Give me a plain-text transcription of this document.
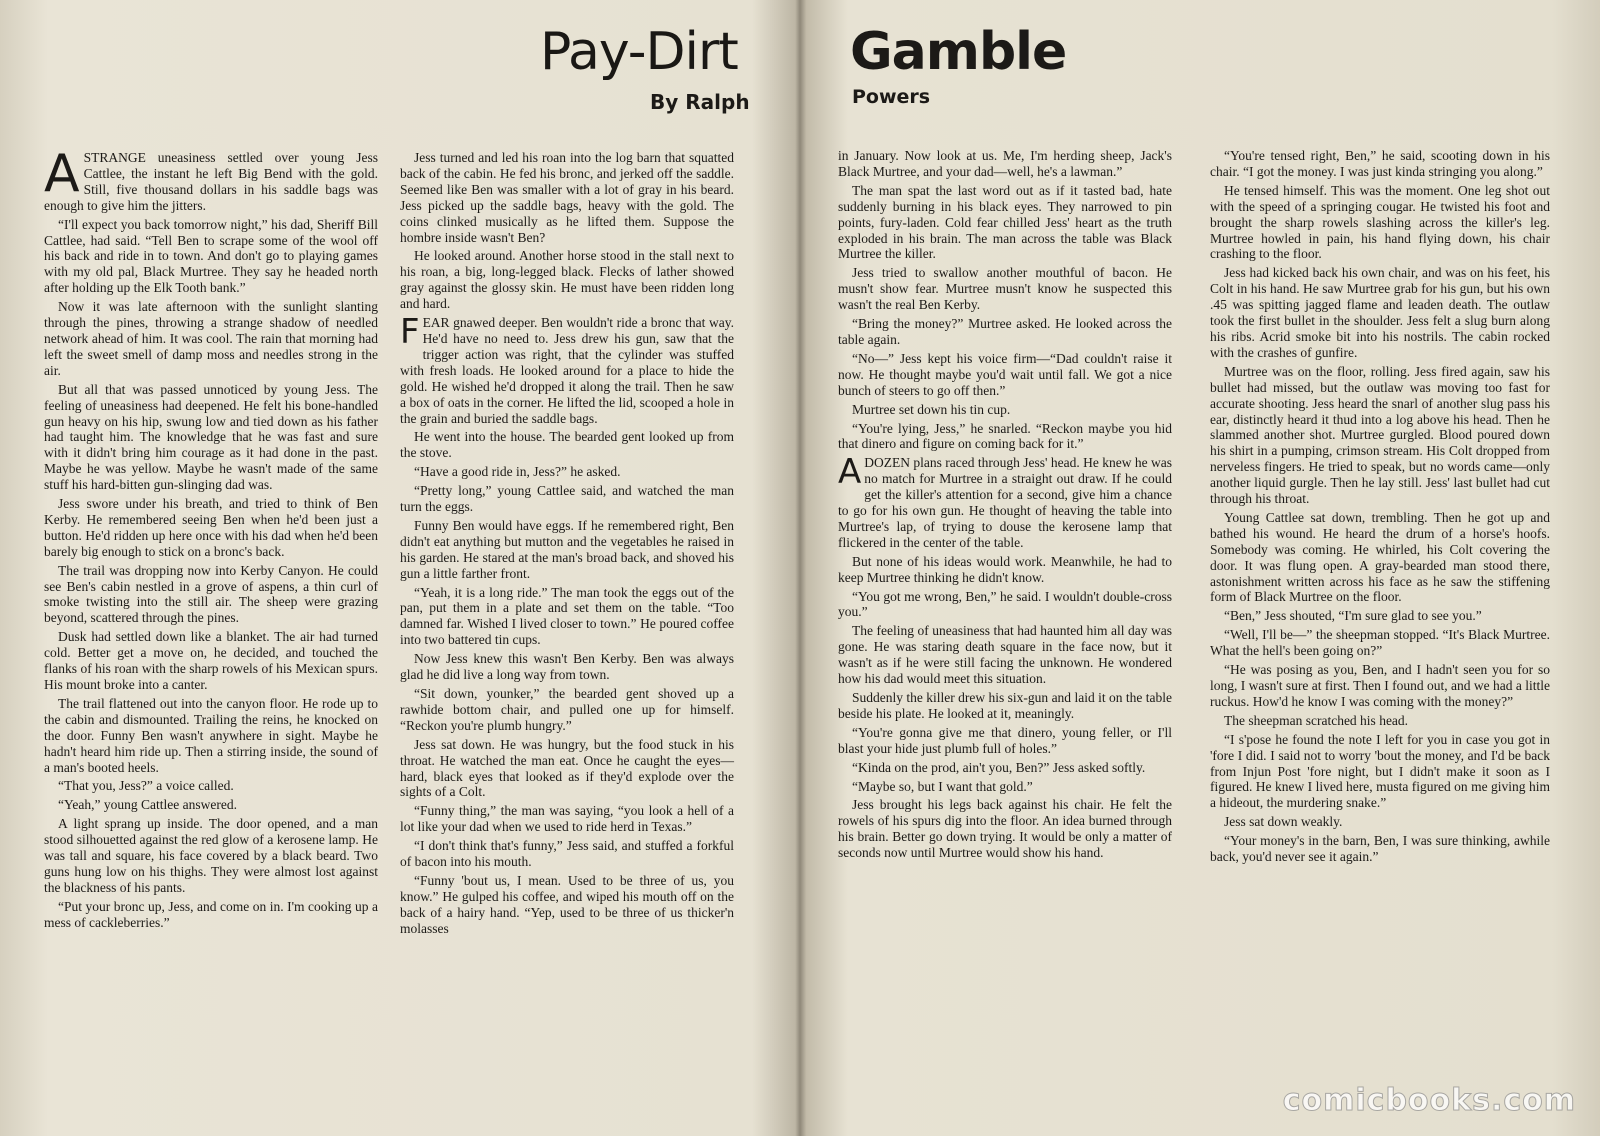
Pay-Dirt
By Ralph

ASTRANGE uneasiness settled over young Jess Cattlee, the instant he left Big Bend with the gold. Still, five thousand dollars in his saddle bags was enough to give him the jitters.

“I'll expect you back tomorrow night,” his dad, Sheriff Bill Cattlee, had said. “Tell Ben to scrape some of the wool off his back and ride in to town. And don't go to playing games with my old pal, Black Murtree. They say he headed north after holding up the Elk Tooth bank.”

Now it was late afternoon with the sunlight slanting through the pines, throwing a strange shadow of needled network ahead of him. It was cool. The rain that morning had left the sweet smell of damp moss and needles strong in the air.

But all that was passed unnoticed by young Jess. The feeling of uneasiness had deepened. He felt his bone-handled gun heavy on his hip, swung low and tied down as his father had taught him. The knowledge that he was fast and sure with it didn't bring him courage as it had done in the past. Maybe he was yellow. Maybe he wasn't made of the same stuff his hard-bitten gun-slinging dad was.

Jess swore under his breath, and tried to think of Ben Kerby. He remembered seeing Ben when he'd been just a button. He'd ridden up here once with his dad when he'd been barely big enough to stick on a bronc's back.

The trail was dropping now into Kerby Canyon. He could see Ben's cabin nestled in a grove of aspens, a thin curl of smoke twisting into the still air. The sheep were grazing beyond, scattered through the pines.

Dusk had settled down like a blanket. The air had turned cold. Better get a move on, he decided, and touched the flanks of his roan with the sharp rowels of his Mexican spurs. His mount broke into a canter.

The trail flattened out into the canyon floor. He rode up to the cabin and dismounted. Trailing the reins, he knocked on the door. Funny Ben wasn't anywhere in sight. Maybe he hadn't heard him ride up. Then a stirring inside, the sound of a man's booted heels.

“That you, Jess?” a voice called.

“Yeah,” young Cattlee answered.

A light sprang up inside. The door opened, and a man stood silhouetted against the red glow of a kerosene lamp. He was tall and square, his face covered by a black beard. Two guns hung low on his thighs. They were almost lost against the blackness of his pants.

“Put your bronc up, Jess, and come on in. I'm cooking up a mess of cackleberries.”

Jess turned and led his roan into the log barn that squatted back of the cabin. He fed his bronc, and jerked off the saddle. Seemed like Ben was smaller with a lot of gray in his beard. Jess picked up the saddle bags, heavy with the gold. The coins clinked musically as he lifted them. Suppose the hombre inside wasn't Ben?

He looked around. Another horse stood in the stall next to his roan, a big, long-legged black. Flecks of lather showed gray against the glossy skin. He must have been ridden long and hard.

FEAR gnawed deeper. Ben wouldn't ride a bronc that way. He'd have no need to. Jess drew his gun, saw that the trigger action was right, that the cylinder was stuffed with fresh loads. He looked around for a place to hide the gold. He wished he'd dropped it along the trail. Then he saw a box of oats in the corner. He lifted the lid, scooped a hole in the grain and buried the saddle bags.

He went into the house. The bearded gent looked up from the stove.

“Have a good ride in, Jess?” he asked.

“Pretty long,” young Cattlee said, and watched the man turn the eggs.

Funny Ben would have eggs. If he remembered right, Ben didn't eat anything but mutton and the vegetables he raised in his garden. He stared at the man's broad back, and shoved his gun a little farther front.

“Yeah, it is a long ride.” The man took the eggs out of the pan, put them in a plate and set them on the table. “Too damned far. Wished I lived closer to town.” He poured coffee into two battered tin cups.

Now Jess knew this wasn't Ben Kerby. Ben was always glad he did live a long way from town.

“Sit down, younker,” the bearded gent shoved up a rawhide bottom chair, and pulled one up for himself. “Reckon you're plumb hungry.”

Jess sat down. He was hungry, but the food stuck in his throat. He watched the man eat. Once he caught the eyes—hard, black eyes that looked as if they'd explode over the sights of a Colt.

“Funny thing,” the man was saying, “you look a hell of a lot like your dad when we used to ride herd in Texas.”

“I don't think that's funny,” Jess said, and stuffed a forkful of bacon into his mouth.

“Funny 'bout us, I mean. Used to be three of us, you know.” He gulped his coffee, and wiped his mouth off on the back of a hairy hand. “Yep, used to be three of us thicker'n molasses

Gamble
Powers

in January. Now look at us. Me, I'm herding sheep, Jack's Black Murtree, and your dad—well, he's a lawman.”

The man spat the last word out as if it tasted bad, hate suddenly burning in his black eyes. They narrowed to pin points, fury-laden. Cold fear chilled Jess' heart as the truth exploded in his brain. The man across the table was Black Murtree the killer.

Jess tried to swallow another mouthful of bacon. He musn't show fear. Murtree musn't know he suspected this wasn't the real Ben Kerby.

“Bring the money?” Murtree asked. He looked across the table again.

“No—” Jess kept his voice firm—“Dad couldn't raise it now. He thought maybe you'd wait until fall. We got a nice bunch of steers to go off then.”

Murtree set down his tin cup.

“You're lying, Jess,” he snarled. “Reckon maybe you hid that dinero and figure on coming back for it.”

ADOZEN plans raced through Jess' head. He knew he was no match for Murtree in a straight out draw. If he could get the killer's attention for a second, give him a chance to go for his own gun. He thought of heaving the table into Murtree's lap, of trying to douse the kerosene lamp that flickered in the center of the table.

But none of his ideas would work. Meanwhile, he had to keep Murtree thinking he didn't know.

“You got me wrong, Ben,” he said. I wouldn't double-cross you.”

The feeling of uneasiness that had haunted him all day was gone. He was staring death square in the face now, but it wasn't as if he were still facing the unknown. He wondered how his dad would meet this situation.

Suddenly the killer drew his six-gun and laid it on the table beside his plate. He looked at it, meaningly.

“You're gonna give me that dinero, young feller, or I'll blast your hide just plumb full of holes.”

“Kinda on the prod, ain't you, Ben?” Jess asked softly.

“Maybe so, but I want that gold.”

Jess brought his legs back against his chair. He felt the rowels of his spurs dig into the floor. An idea burned through his brain. Better go down trying. It would be only a matter of seconds now until Murtree would show his hand.

“You're tensed right, Ben,” he said, scooting down in his chair. “I got the money. I was just kinda stringing you along.”

He tensed himself. This was the moment. One leg shot out with the speed of a springing cougar. He twisted his foot and brought the sharp rowels slashing across the killer's leg. Murtree howled in pain, his hand flying down, his chair crashing to the floor.

Jess had kicked back his own chair, and was on his feet, his Colt in his hand. He saw Murtree grab for his gun, but his own .45 was spitting jagged flame and leaden death. The outlaw took the first bullet in the shoulder. Jess felt a slug burn along his ribs. Acrid smoke bit into his nostrils. The cabin rocked with the crashes of gunfire.

Murtree was on the floor, rolling. Jess fired again, saw his bullet had missed, but the outlaw was moving too fast for accurate shooting. Jess heard the snarl of another slug pass his ear, distinctly heard it thud into a log above his head. Then he slammed another shot. Murtree gurgled. Blood poured down his shirt in a pumping, crimson stream. His Colt dropped from nerveless fingers. He tried to speak, but no words came—only another liquid gurgle. Then he lay still. Jess' last bullet had cut through his throat.

Young Cattlee sat down, trembling. Then he got up and bathed his wound. He heard the drum of a horse's hoofs. Somebody was coming. He whirled, his Colt covering the door. It was flung open. A gray-bearded man stood there, astonishment written across his face as he saw the stiffening form of Black Murtree on the floor.

“Ben,” Jess shouted, “I'm sure glad to see you.”

“Well, I'll be—” the sheepman stopped. “It's Black Murtree. What the hell's been going on?”

“He was posing as you, Ben, and I hadn't seen you for so long, I wasn't sure at first. Then I found out, and we had a little ruckus. How'd he know I was coming with the money?”

The sheepman scratched his head.

“I s'pose he found the note I left for you in case you got in 'fore I did. I said not to worry 'bout the money, and I'd be back from Injun Post 'fore night, but I didn't make it soon as I figured. He knew I lived here, musta figured on me giving him a hideout, the murdering snake.”

Jess sat down weakly.

“Your money's in the barn, Ben, I was sure thinking, awhile back, you'd never see it again.”

comicbooks.com
